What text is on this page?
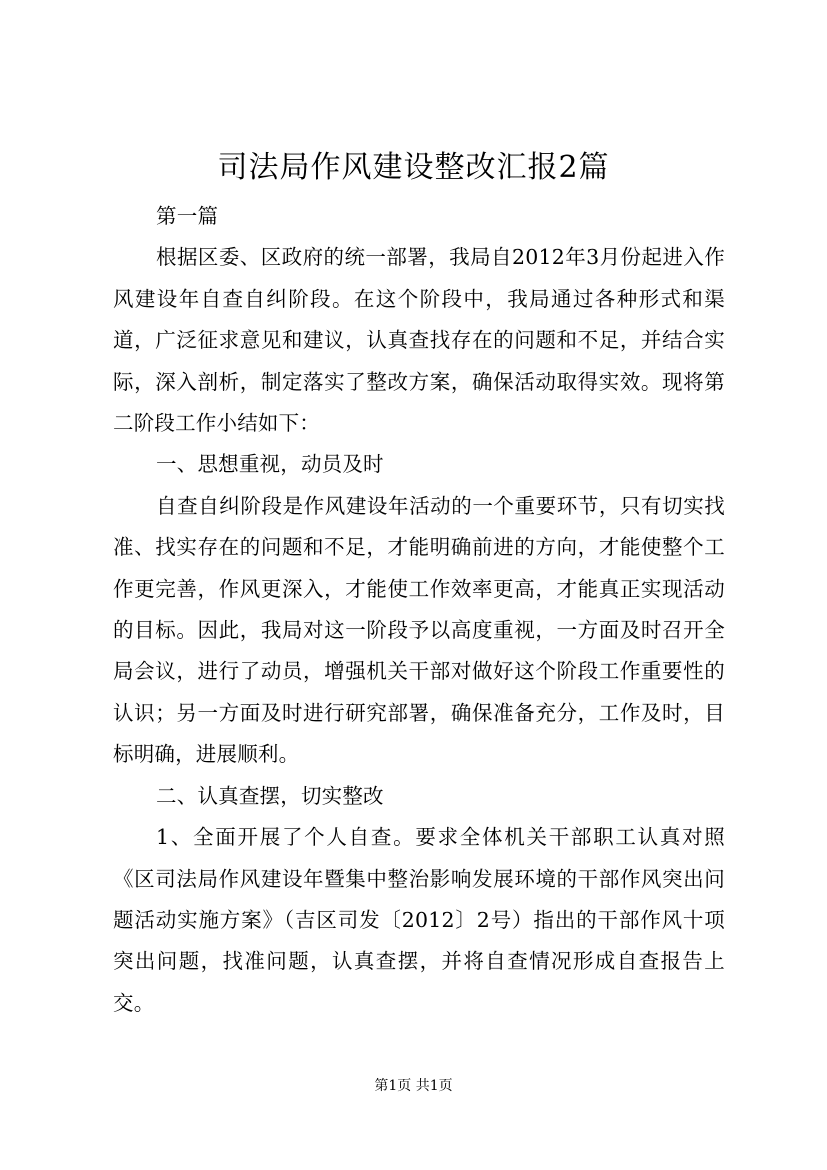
司法局作风建设整改汇报2篇

第一篇

根据区委、区政府的统一部署，我局自2012年3月份起进入作风建设年自查自纠阶段。在这个阶段中，我局通过各种形式和渠道，广泛征求意见和建议，认真查找存在的问题和不足，并结合实际，深入剖析，制定落实了整改方案，确保活动取得实效。现将第二阶段工作小结如下：

一、思想重视，动员及时

自查自纠阶段是作风建设年活动的一个重要环节，只有切实找准、找实存在的问题和不足，才能明确前进的方向，才能使整个工作更完善，作风更深入，才能使工作效率更高，才能真正实现活动的目标。因此，我局对这一阶段予以高度重视，一方面及时召开全局会议，进行了动员，增强机关干部对做好这个阶段工作重要性的认识；另一方面及时进行研究部署，确保准备充分，工作及时，目标明确，进展顺利。

二、认真查摆，切实整改

1、全面开展了个人自查。要求全体机关干部职工认真对照《区司法局作风建设年暨集中整治影响发展环境的干部作风突出问题活动实施方案》（吉区司发〔2012〕2号）指出的干部作风十项突出问题，找准问题，认真查摆，并将自查情况形成自查报告上交。

第1页 共1页
